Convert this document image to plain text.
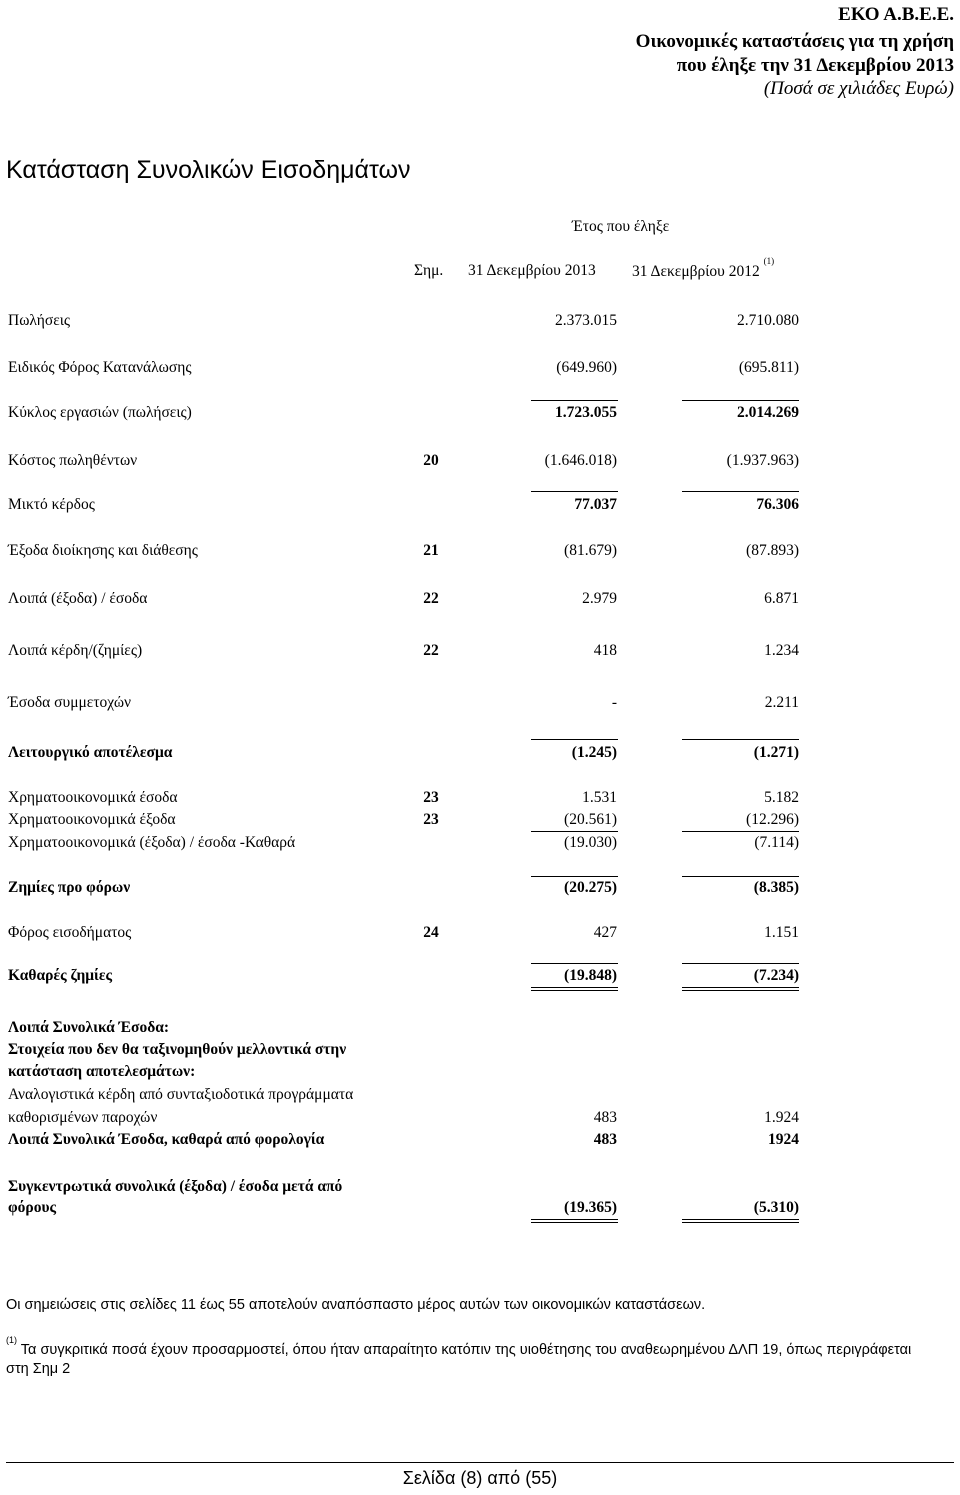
ΕΚΟ Α.Β.Ε.Ε.
Οικονομικές καταστάσεις για τη χρήση
που έληξε την 31 Δεκεμβρίου 2013
(Ποσά σε χιλιάδες Ευρώ)
Κατάσταση Συνολικών Εισοδημάτων
Έτος που έληξε
Σημ. 31 Δεκεμβρίου 2013 31 Δεκεμβρίου 2012 $^{(1)}$
Πωλήσεις	2.373.015	2.710.080
Ειδικός Φόρος Κατανάλωσης	(649.960)	(695.811)
Κύκλος εργασιών (πωλήσεις)	1.723.055	2.014.269
Κόστος πωληθέντων	20	(1.646.018)	(1.937.963)
Μικτό κέρδος	77.037	76.306
Έξοδα διοίκησης και διάθεσης	21	(81.679)	(87.893)
Λοιπά (έξοδα) / έσοδα	22	2.979	6.871
Λοιπά κέρδη/(ζημίες)	22	418	1.234
Έσοδα συμμετοχών	-	2.211
Λειτουργικό αποτέλεσμα	(1.245)	(1.271)
Χρηματοοικονομικά έσοδα	23	1.531	5.182
Χρηματοοικονομικά έξοδα	23	(20.561)	(12.296)
Χρηματοοικονομικά (έξοδα) / έσοδα -Καθαρά	(19.030)	(7.114)
Ζημίες προ φόρων	(20.275)	(8.385)
Φόρος εισοδήματος	24	427	1.151
Καθαρές ζημίες	(19.848)	(7.234)
Λοιπά Συνολικά Έσοδα:
Στοιχεία που δεν θα ταξινομηθούν μελλοντικά στην
κατάσταση αποτελεσμάτων:
Αναλογιστικά κέρδη από συνταξιοδοτικά προγράμματα
καθορισμένων παροχών	483	1.924
Λοιπά Συνολικά Έσοδα, καθαρά από φορολογία	483	1924
Συγκεντρωτικά συνολικά (έξοδα) / έσοδα μετά από
φόρους	(19.365)	(5.310)
Οι σημειώσεις στις σελίδες 11 έως 55 αποτελούν αναπόσπαστο μέρος αυτών των οικονομικών καταστάσεων.
$^{(1)}$ Τα συγκριτικά ποσά έχουν προσαρμοστεί, όπου ήταν απαραίτητο κατόπιν της υιοθέτησης του αναθεωρημένου ΔΛΠ 19, όπως περιγράφεται
στη Σημ 2
Σελίδα (8) από (55)
